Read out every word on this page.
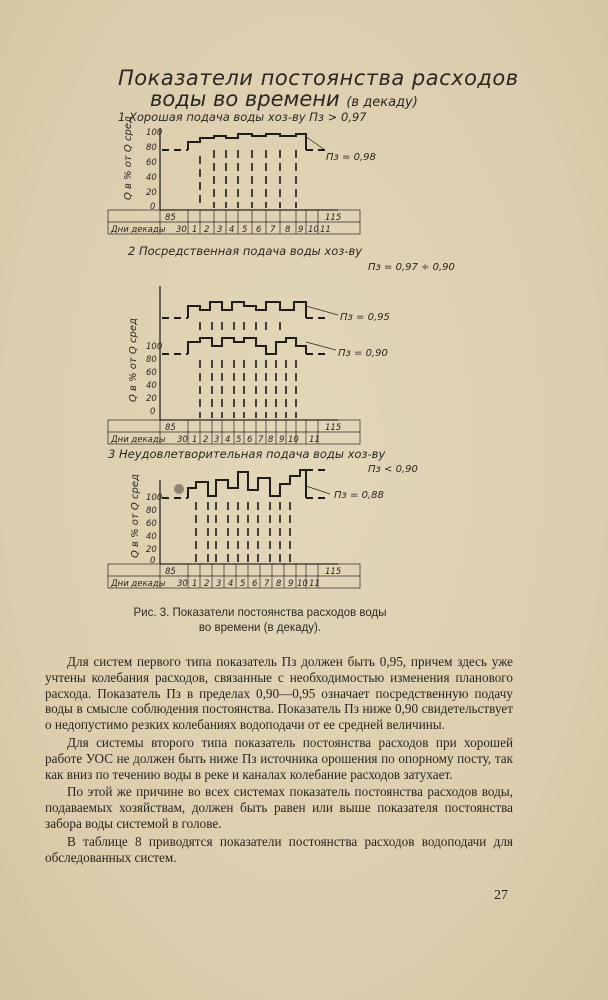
Показатели постоянства расходов
воды во времени (в декаду)
1 Хорошая подача воды хоз-ву Пз > 0,97
Q в % от Q сред 100
80
60
40
20
0
Пз = 0,98
85	115
Дни декады 30 1 2 3 4 5 6 7 8 9 10 11
2 Посредственная подача воды хоз-ву
Пз = 0,97 ÷ 0,90
Q в % от Q сред 100
80
60
40
20
0
Пз = 0,95
Пз = 0,90
85	115
Дни декады 30 1 2 3 4 5 6 7 8 9 10 11
3 Неудовлетворительная подача воды хоз-ву
Пз < 0,90
Q в % от Q сред 100
80
60
40
20
0
Пз = 0,88
85	115
Дни декады 30 1 2 3 4 5 6 7 8 9 10 11
Рис. 3. Показатели постоянства расходов воды
во времени (в декаду).

Для систем первого типа показатель Пз должен быть 0,95, причем здесь уже учтены колебания расходов, связанные с необходимостью изменения планового расхода. Показатель Пз в пределах 0,90—0,95 означает посредственную подачу воды в смысле соблюдения постоянства. Показатель Пз ниже 0,90 свидетельствует о недопустимо резких колебаниях водоподачи от ее средней величины.

Для системы второго типа показатель постоянства расходов при хорошей работе УОС не должен быть ниже Пз источника орошения по опорному посту, так как вниз по течению воды в реке и каналах колебание расходов затухает.

По этой же причине во всех системах показатель постоянства расходов воды, подаваемых хозяйствам, должен быть равен или выше показателя постоянства забора воды системой в голове.

В таблице 8 приводятся показатели постоянства расходов водоподачи для обследованных систем.

27
